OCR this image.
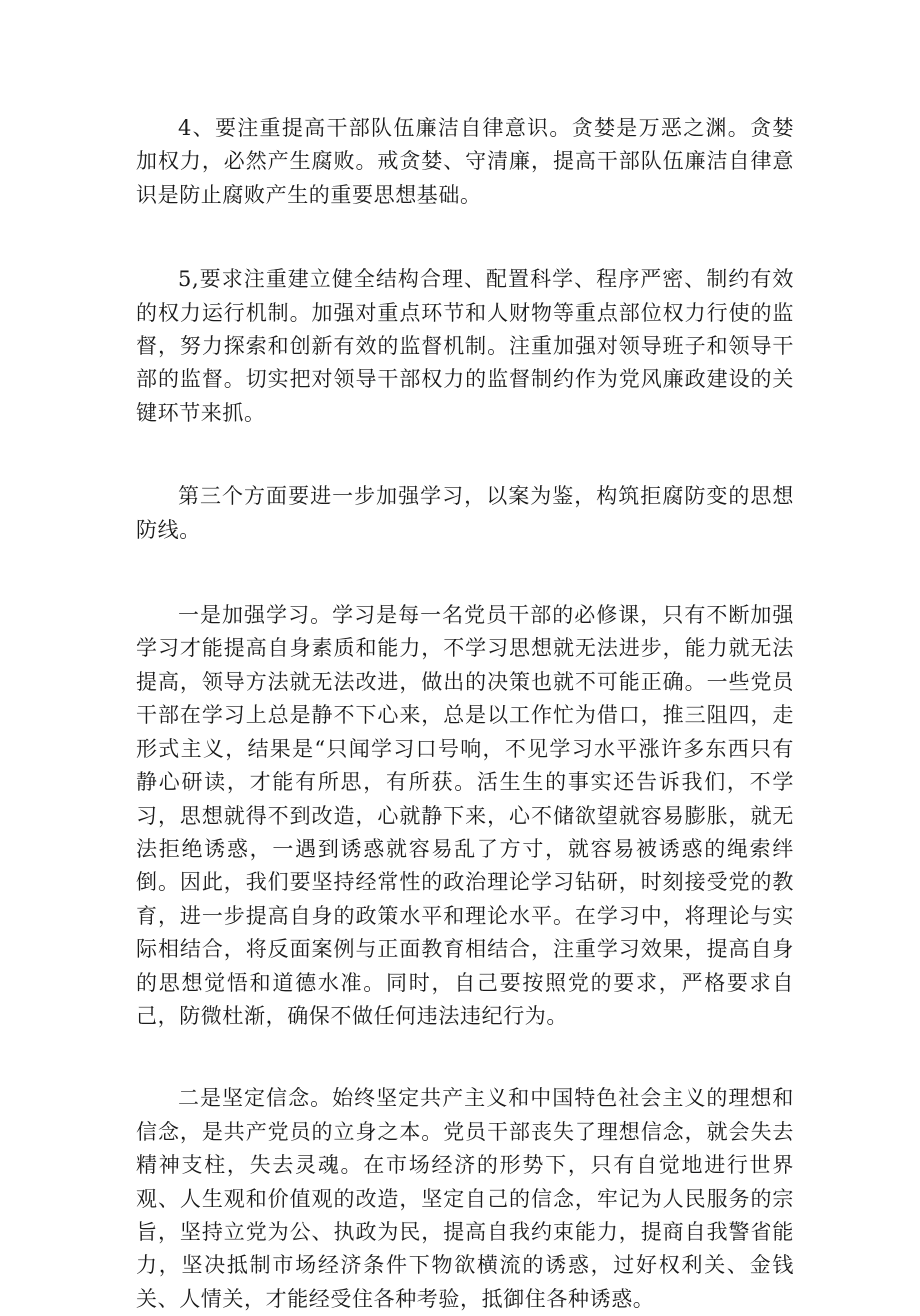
4、要注重提高干部队伍廉洁自律意识。贪婪是万恶之渊。贪婪加权力，必然产生腐败。戒贪婪、守清廉，提高干部队伍廉洁自律意识是防止腐败产生的重要思想基础。

5,要求注重建立健全结构合理、配置科学、程序严密、制约有效的权力运行机制。加强对重点环节和人财物等重点部位权力行使的监督，努力探索和创新有效的监督机制。注重加强对领导班子和领导干部的监督。切实把对领导干部权力的监督制约作为党风廉政建设的关键环节来抓。

第三个方面要进一步加强学习，以案为鉴，构筑拒腐防变的思想防线。

一是加强学习。学习是每一名党员干部的必修课，只有不断加强学习才能提高自身素质和能力，不学习思想就无法进步，能力就无法提高，领导方法就无法改进，做出的决策也就不可能正确。一些党员干部在学习上总是静不下心来，总是以工作忙为借口，推三阻四，走形式主义，结果是“只闻学习口号响，不见学习水平涨许多东西只有静心研读，才能有所思，有所获。活生生的事实还告诉我们，不学习，思想就得不到改造，心就静下来，心不储欲望就容易膨胀，就无法拒绝诱惑，一遇到诱惑就容易乱了方寸，就容易被诱惑的绳索绊倒。因此，我们要坚持经常性的政治理论学习钻研，时刻接受党的教育，进一步提高自身的政策水平和理论水平。在学习中，将理论与实际相结合，将反面案例与正面教育相结合，注重学习效果，提高自身的思想觉悟和道德水准。同时，自己要按照党的要求，严格要求自己，防微杜渐，确保不做任何违法违纪行为。

二是坚定信念。始终坚定共产主义和中国特色社会主义的理想和信念，是共产党员的立身之本。党员干部丧失了理想信念，就会失去精神支柱，失去灵魂。在市场经济的形势下，只有自觉地进行世界观、人生观和价值观的改造，坚定自己的信念，牢记为人民服务的宗旨，坚持立党为公、执政为民，提高自我约束能力，提商自我警省能力，坚决抵制市场经济条件下物欲横流的诱惑，过好权利关、金钱关、人情关，才能经受住各种考验，抵御住各种诱惑。
